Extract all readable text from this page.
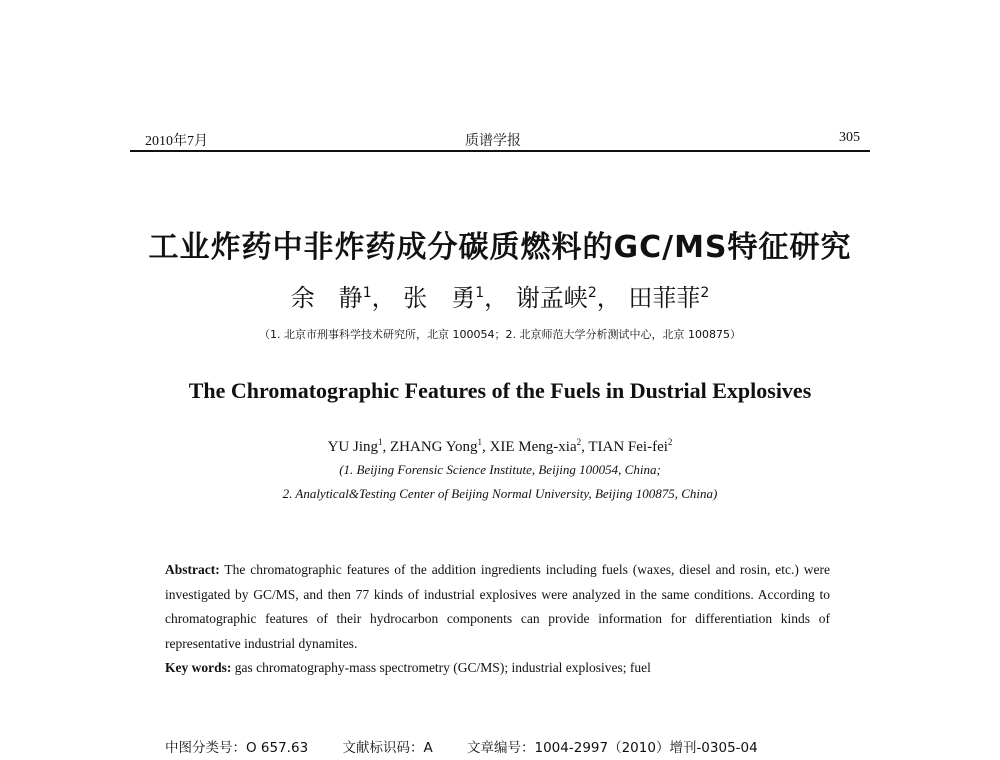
2010年7月	质谱学报	305
工业炸药中非炸药成分碳质燃料的GC/MS特征研究
余　静$^1$， 张　勇$^1$， 谢孟峡$^2$， 田菲菲$^2$
（1. 北京市刑事科学技术研究所，北京 100054；2. 北京师范大学分析测试中心，北京 100875）
The Chromatographic Features of the Fuels in Dustrial Explosives
YU Jing$^1$, ZHANG Yong$^1$, XIE Meng-xia$^2$, TIAN Fei-fei$^2$
(1. Beijing Forensic Science Institute, Beijing 100054, China;
2. Analytical&Testing Center of Beijing Normal University, Beijing 100875, China)
Abstract: The chromatographic features of the addition ingredients including fuels (waxes, diesel and rosin, etc.) were investigated by GC/MS, and then 77 kinds of industrial explosives were analyzed in the same conditions. According to chromatographic features of their hydrocarbon components can provide information for differentiation kinds of representative industrial dynamites.
Key words: gas chromatography-mass spectrometry (GC/MS); industrial explosives; fuel
中图分类号：O 657.63	文献标识码：A	文章编号：1004-2997（2010）增刊-0305-04
